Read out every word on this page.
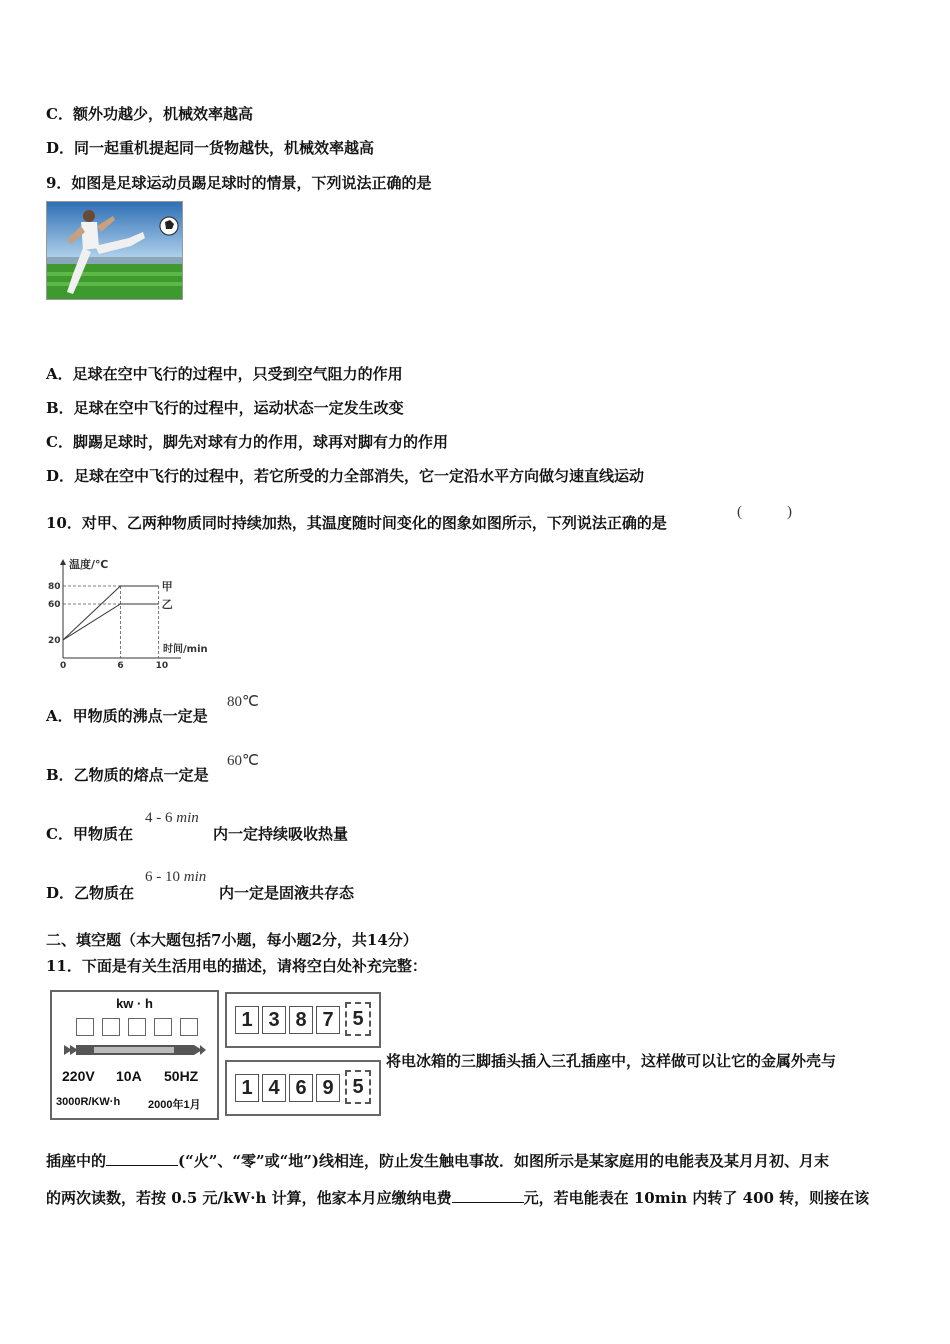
C．额外功越少，机械效率越高
D．同一起重机提起同一货物越快，机械效率越高
9．如图是足球运动员踢足球时的情景，下列说法正确的是
A．足球在空中飞行的过程中，只受到空气阻力的作用
B．足球在空中飞行的过程中，运动状态一定发生改变
C．脚踢足球时，脚先对球有力的作用，球再对脚有力的作用
D．足球在空中飞行的过程中，若它所受的力全部消失，它一定沿水平方向做匀速直线运动
10．对甲、乙两种物质同时持续加热，其温度随时间变化的图象如图所示，下列说法正确的是
(　　　)
温度/℃
时间/min
0	6	10
20
60
80	甲
乙
A．甲物质的沸点一定是
80℃
B．乙物质的熔点一定是
60℃
C．甲物质在
4 - 6 min
内一定持续吸收热量
D．乙物质在
6 - 10 min
内一定是固液共存态
二、填空题（本大题包括7小题，每小题2分，共14分）
11．下面是有关生活用电的描述，请将空白处补充完整：
kw · h
220V 10A 50HZ
3000R/KW·h	2000年1月
1 3 8 7 5
1 4 6 9 5
将电冰箱的三脚插头插入三孔插座中，这样做可以让它的金属外壳与
插座中的	(“火”、“零”或“地”)线相连，防止发生触电事故．如图所示是某家庭用的电能表及某月月初、月末
的两次读数，若按 0.5 元/kW·h 计算，他家本月应缴纳电费	元，若电能表在 10min 内转了 400 转，则接在该
